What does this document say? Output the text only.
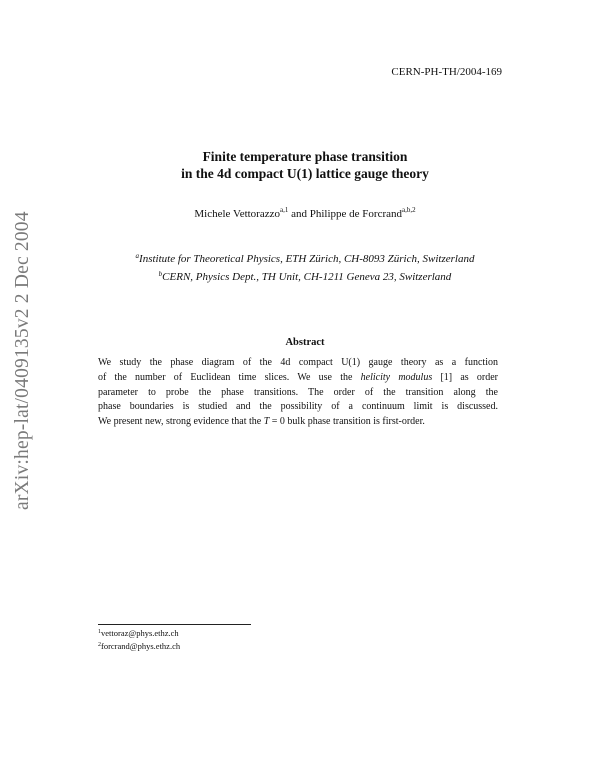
CERN-PH-TH/2004-169
arXiv:hep-lat/0409135v2 2 Dec 2004
Finite temperature phase transition
in the 4d compact U(1) lattice gauge theory
Michele Vettorazzo$^{a,1}$ and Philippe de Forcrand$^{a,b,2}$
$^a$Institute for Theoretical Physics, ETH Zürich, CH-8093 Zürich, Switzerland
$^b$CERN, Physics Dept., TH Unit, CH-1211 Geneva 23, Switzerland
Abstract
We study the phase diagram of the 4d compact U(1) gauge theory as a function
of the number of Euclidean time slices. We use the helicity modulus [1] as order
parameter to probe the phase transitions. The order of the transition along the
phase boundaries is studied and the possibility of a continuum limit is discussed.
We present new, strong evidence that the T = 0 bulk phase transition is first-order.
$^1$vettoraz@phys.ethz.ch
$^2$forcrand@phys.ethz.ch
